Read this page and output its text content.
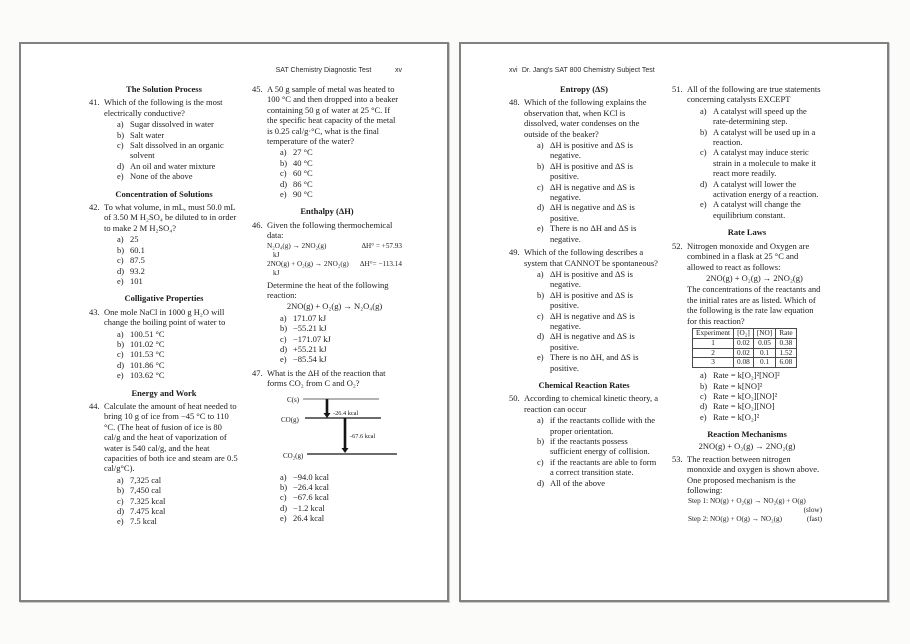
SAT Chemistry Diagnostic Test	xv
The Solution Process
41. Which of the following is the most electrically conductive?
a) Sugar dissolved in water
b) Salt water
c) Salt dissolved in an organic solvent
d) An oil and water mixture
e) None of the above
Concentration of Solutions
42. To what volume, in mL, must 50.0 mL of 3.50 M H₂SO₄ be diluted to in order to make 2 M H₂SO₄?
a) 25
b) 60.1
c) 87.5
d) 93.2
e) 101
Colligative Properties
43. One mole NaCl in 1000 g H₂O will change the boiling point of water to
a) 100.51 °C
b) 101.02 °C
c) 101.53 °C
d) 101.86 °C
e) 103.62 °C
Energy and Work
44. Calculate the amount of heat needed to bring 10 g of ice from −45 °C to 110 °C. (The heat of fusion of ice is 80 cal/g and the heat of vaporization of water is 540 cal/g, and the heat capacities of both ice and steam are 0.5 cal/g°C).
a) 7,325 cal
b) 7,450 cal
c) 7.325 kcal
d) 7.475 kcal
e) 7.5 kcal
45. A 50 g sample of metal was heated to 100 °C and then dropped into a beaker containing 50 g of water at 25 °C. If the specific heat capacity of the metal is 0.25 cal/g·°C, what is the final temperature of the water?
a) 27 °C
b) 40 °C
c) 60 °C
d) 86 °C
e) 90 °C
Enthalpy (ΔH)
46. Given the following thermochemical data:
N₂O₄(g) → 2NO₂(g)	ΔH° = +57.93
kJ
2NO(g) + O₂(g) → 2NO₂(g) ΔH°= −113.14
kJ
Determine the heat of the following reaction:
2NO(g) + O₂(g) → N₂O₄(g)
a) 171.07 kJ
b) −55.21 kJ
c) −171.07 kJ
d) +55.21 kJ
e) −85.54 kJ
47. What is the ΔH of the reaction that forms CO₂ from C and O₂?
C(s)
CO(g)
CO₂(g)
-26.4 kcal
-67.6 kcal
a) −94.0 kcal
b) −26.4 kcal
c) −67.6 kcal
d) −1.2 kcal
e) 26.4 kcal
xvi Dr. Jang's SAT 800 Chemistry Subject Test
Entropy (ΔS)
48. Which of the following explains the observation that, when KCl is dissolved, water condenses on the outside of the beaker?
a) ΔH is positive and ΔS is negative.
b) ΔH is positive and ΔS is positive.
c) ΔH is negative and ΔS is negative.
d) ΔH is negative and ΔS is positive.
e) There is no ΔH and ΔS is negative.
49. Which of the following describes a system that CANNOT be spontaneous?
a) ΔH is positive and ΔS is negative.
b) ΔH is positive and ΔS is positive.
c) ΔH is negative and ΔS is negative.
d) ΔH is negative and ΔS is positive.
e) There is no ΔH, and ΔS is positive.
Chemical Reaction Rates
50. According to chemical kinetic theory, a reaction can occur
a) if the reactants collide with the proper orientation.
b) if the reactants possess sufficient energy of collision.
c) if the reactants are able to form a correct transition state.
d) All of the above
51. All of the following are true statements concerning catalysts EXCEPT
a) A catalyst will speed up the rate-determining step.
b) A catalyst will be used up in a reaction.
c) A catalyst may induce steric strain in a molecule to make it react more readily.
d) A catalyst will lower the activation energy of a reaction.
e) A catalyst will change the equilibrium constant.
Rate Laws
52. Nitrogen monoxide and Oxygen are combined in a flask at 25 °C and allowed to react as follows:
2NO(g) + O₂(g) → 2NO₂(g)
The concentrations of the reactants and the initial rates are as listed. Which of the following is the rate law equation for this reaction?
Experiment	[O₂]	[NO]	Rate
1	0.02	0.05	0.38
2	0.02	0.1	1.52
3	0.08	0.1	6.08
a) Rate = k[O₂]²[NO]²
b) Rate = k[NO]²
c) Rate = k[O₂][NO]²
d) Rate = k[O₂][NO]
e) Rate = k[O₂]²
Reaction Mechanisms
2NO(g) + O₂(g) → 2NO₂(g)
53. The reaction between nitrogen monoxide and oxygen is shown above. One proposed mechanism is the following:
Step 1: NO(g) + O₂(g) → NO₂(g) + O(g)
(slow)
Step 2: NO(g) + O(g) → NO₂(g)	(fast)
